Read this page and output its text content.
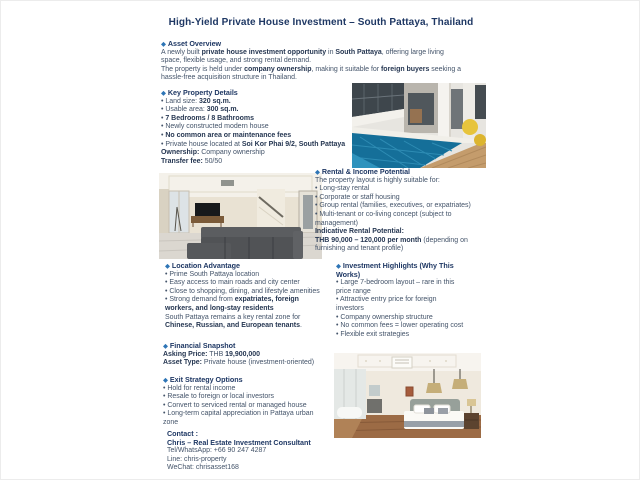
High-Yield Private House Investment – South Pattaya, Thailand
◆ Asset Overview
A newly built private house investment opportunity in South Pattaya, offering large living
space, flexible usage, and strong rental demand.
The property is held under company ownership, making it suitable for foreign buyers seeking a
hassle-free acquisition structure in Thailand.
◆ Key Property Details
• Land size: 320 sq.m.
• Usable area: 300 sq.m.
• 7 Bedrooms / 8 Bathrooms
• Newly constructed modern house
• No common area or maintenance fees
• Private house located at Soi Kor Phai 9/2, South Pattaya
Ownership: Company ownership
Transfer fee: 50/50
◆ Rental & Income Potential
The property layout is highly suitable for:
• Long-stay rental
• Corporate or staff housing
• Group rental (families, executives, or expatriates)
• Multi-tenant or co-living concept (subject to
management)
Indicative Rental Potential:
THB 90,000 – 120,000 per month (depending on
furnishing and tenant profile)
◆ Location Advantage
• Prime South Pattaya location
• Easy access to main roads and city center
• Close to shopping, dining, and lifestyle amenities
• Strong demand from expatriates, foreign
workers, and long-stay residents
South Pattaya remains a key rental zone for
Chinese, Russian, and European tenants.
◆ Investment Highlights (Why This
Works)
• Large 7-bedroom layout – rare in this
price range
• Attractive entry price for foreign
investors
• Company ownership structure
• No common fees = lower operating cost
• Flexible exit strategies
◆ Financial Snapshot
Asking Price: THB 19,900,000
Asset Type: Private house (investment-oriented)
◆ Exit Strategy Options
• Hold for rental income
• Resale to foreign or local investors
• Convert to serviced rental or managed house
• Long-term capital appreciation in Pattaya urban
zone
Contact :
Chris – Real Estate Investment Consultant
Tel/WhatsApp: +66 90 247 4287
Line: chris-property
WeChat: chrisasset168
